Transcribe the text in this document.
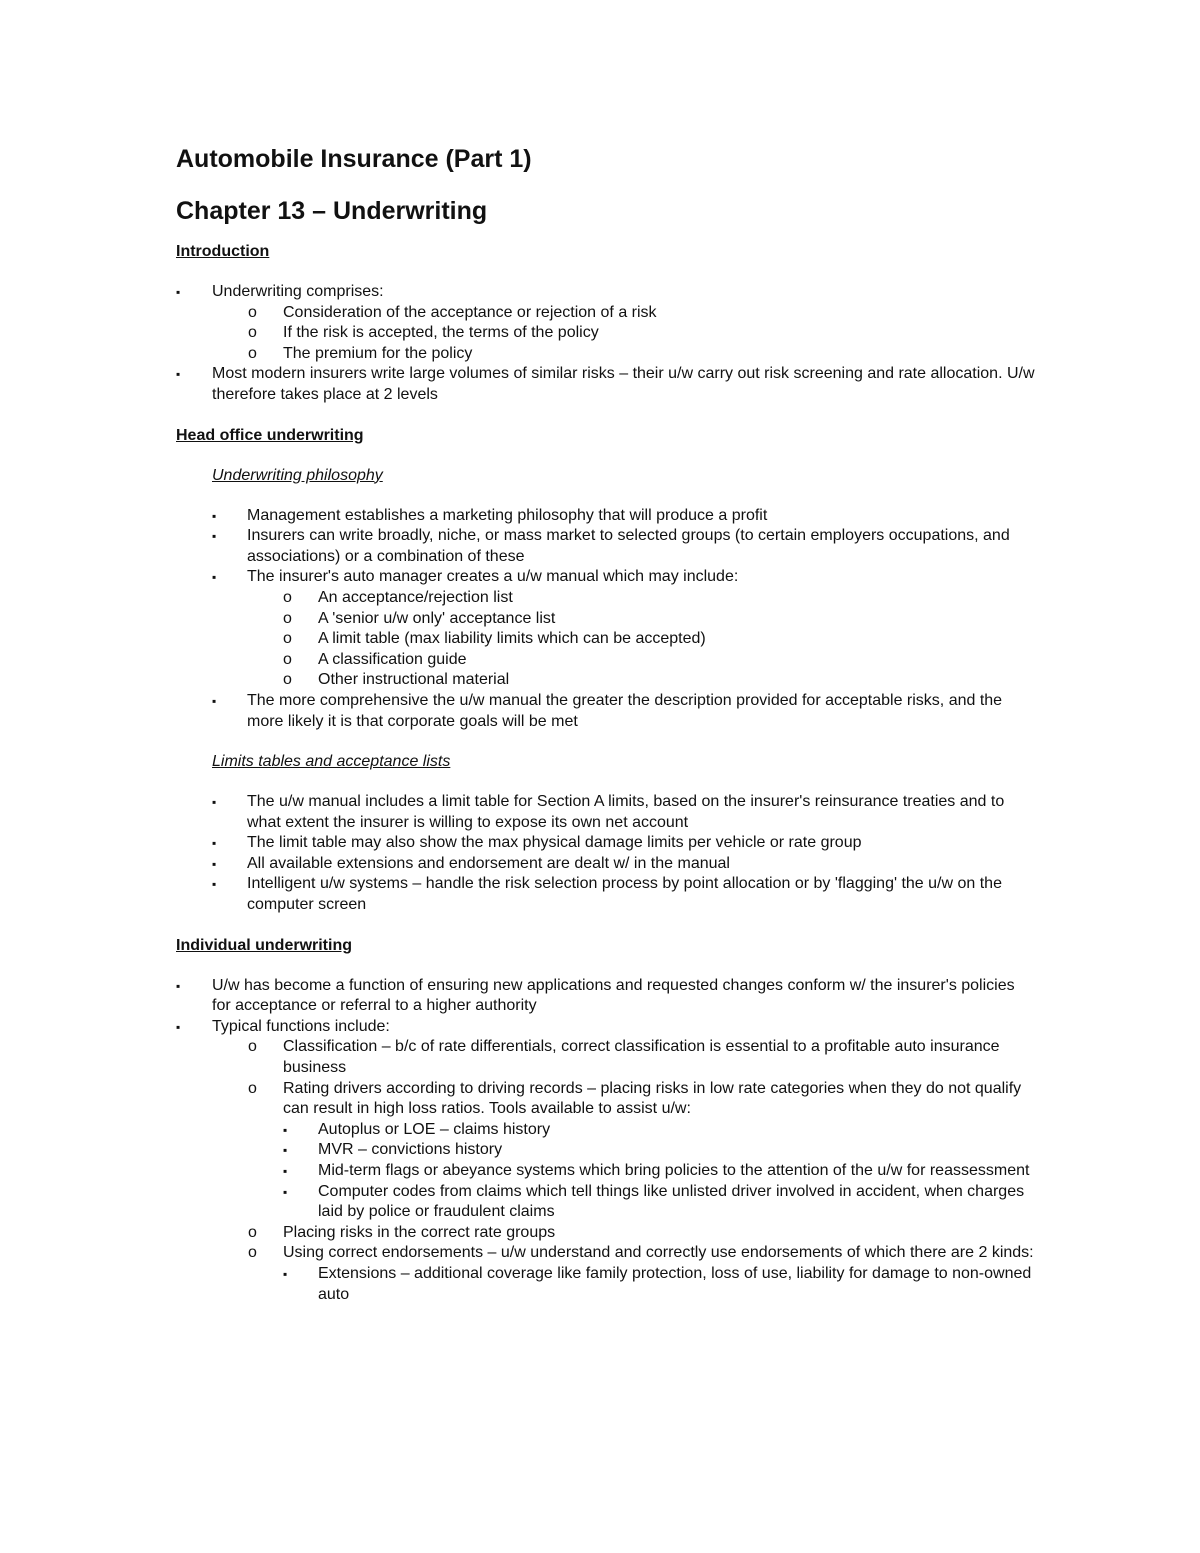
Automobile Insurance (Part 1)
Chapter 13 – Underwriting
Introduction
▪ Underwriting comprises:
o Consideration of the acceptance or rejection of a risk
o If the risk is accepted, the terms of the policy
o The premium for the policy
▪ Most modern insurers write large volumes of similar risks – their u/w carry out risk screening and rate allocation. U/w therefore takes place at 2 levels
Head office underwriting
Underwriting philosophy
▪ Management establishes a marketing philosophy that will produce a profit
▪ Insurers can write broadly, niche, or mass market to selected groups (to certain employers occupations, and associations) or a combination of these
▪ The insurer's auto manager creates a u/w manual which may include:
o An acceptance/rejection list
o A 'senior u/w only' acceptance list
o A limit table (max liability limits which can be accepted)
o A classification guide
o Other instructional material
▪ The more comprehensive the u/w manual the greater the description provided for acceptable risks, and the more likely it is that corporate goals will be met
Limits tables and acceptance lists
▪ The u/w manual includes a limit table for Section A limits, based on the insurer's reinsurance treaties and to what extent the insurer is willing to expose its own net account
▪ The limit table may also show the max physical damage limits per vehicle or rate group
▪ All available extensions and endorsement are dealt w/ in the manual
▪ Intelligent u/w systems – handle the risk selection process by point allocation or by 'flagging' the u/w on the computer screen
Individual underwriting
▪ U/w has become a function of ensuring new applications and requested changes conform w/ the insurer's policies for acceptance or referral to a higher authority
▪ Typical functions include:
o Classification – b/c of rate differentials, correct classification is essential to a profitable auto insurance business
o Rating drivers according to driving records – placing risks in low rate categories when they do not qualify can result in high loss ratios. Tools available to assist u/w:
▪ Autoplus or LOE – claims history
▪ MVR – convictions history
▪ Mid-term flags or abeyance systems which bring policies to the attention of the u/w for reassessment
▪ Computer codes from claims which tell things like unlisted driver involved in accident, when charges laid by police or fraudulent claims
o Placing risks in the correct rate groups
o Using correct endorsements – u/w understand and correctly use endorsements of which there are 2 kinds:
▪ Extensions – additional coverage like family protection, loss of use, liability for damage to non-owned auto
